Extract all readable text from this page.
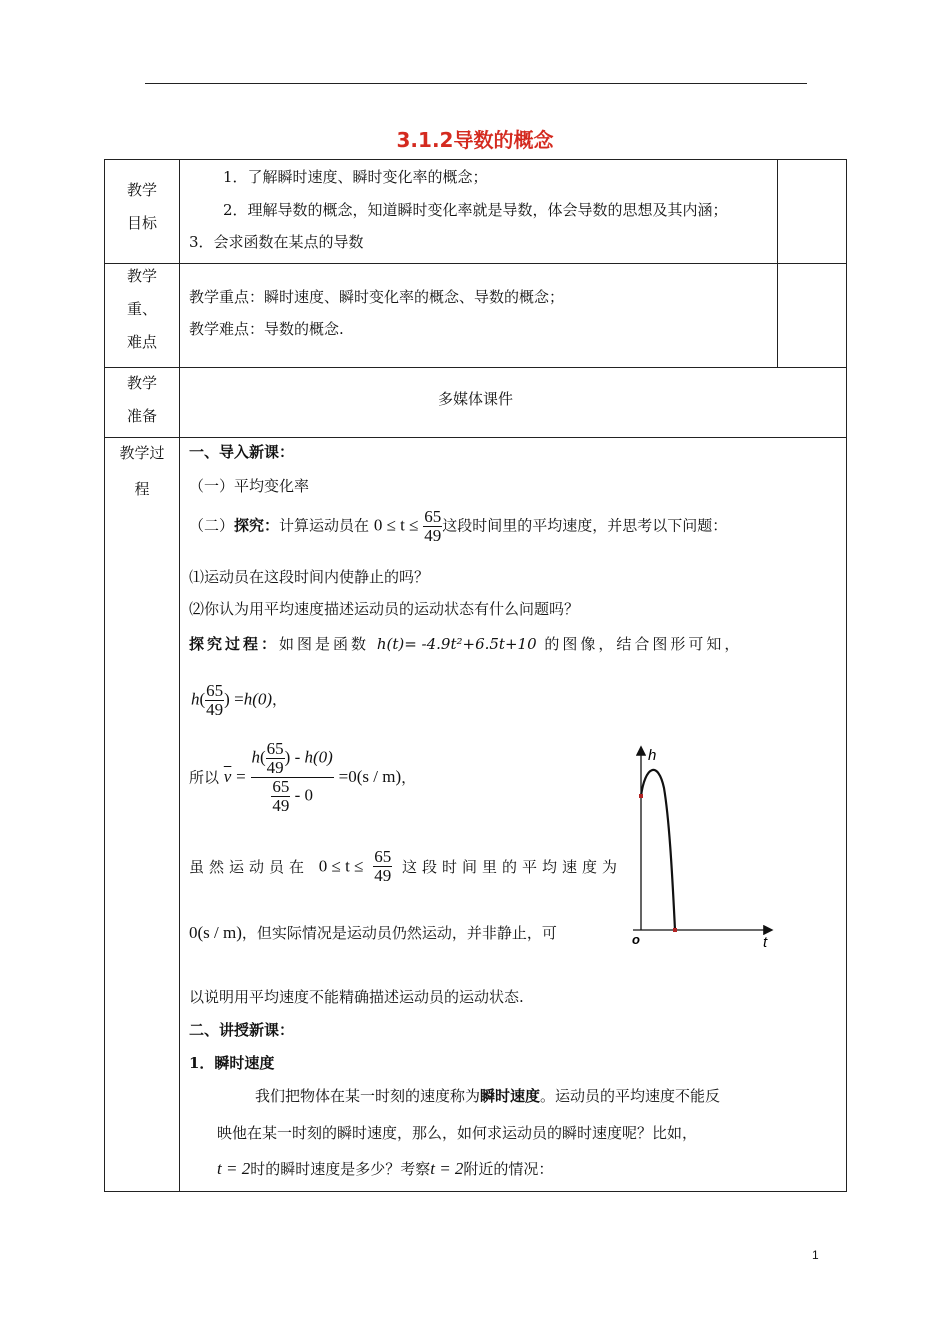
3.1.2导数的概念
教学
目标
1．了解瞬时速度、瞬时变化率的概念；
2．理解导数的概念，知道瞬时变化率就是导数，体会导数的思想及其内涵；
3．会求函数在某点的导数
教学
重、
难点
教学重点：瞬时速度、瞬时变化率的概念、导数的概念；
教学难点：导数的概念.
教学
准备
多媒体课件
教学过
程
一、导入新课：
（一）平均变化率
（二）探究：计算运动员在 $0 \le t \le \frac{65}{49}$ 这段时间里的平均速度，并思考以下问题：
⑴运动员在这段时间内使静止的吗？
⑵你认为用平均速度描述运动员的运动状态有什么问题吗？
探究过程：如图是函数 h(t)= -4.9t²+6.5t+10 的图像，结合图形可知，
$h( \frac{65}{49}$ ) =h(0)，
所以 $\overline{v} = \frac{h( \frac{65}{49} ) - h(0)}{\frac{65}{49} - 0} =0(s / m)$，
虽然运动员在 $0 \le t \le \frac{65}{49}$ 这段时间里的平均速度为
0(s / m)，但实际情况是运动员仍然运动，并非静止，可
以说明用平均速度不能精确描述运动员的运动状态.
二、讲授新课：
1．瞬时速度
我们把物体在某一时刻的速度称为瞬时速度。运动员的平均速度不能反
映他在某一时刻的瞬时速度，那么，如何求运动员的瞬时速度呢？比如，
t = 2时的瞬时速度是多少？考察t = 2附近的情况：
h
t
o
1
